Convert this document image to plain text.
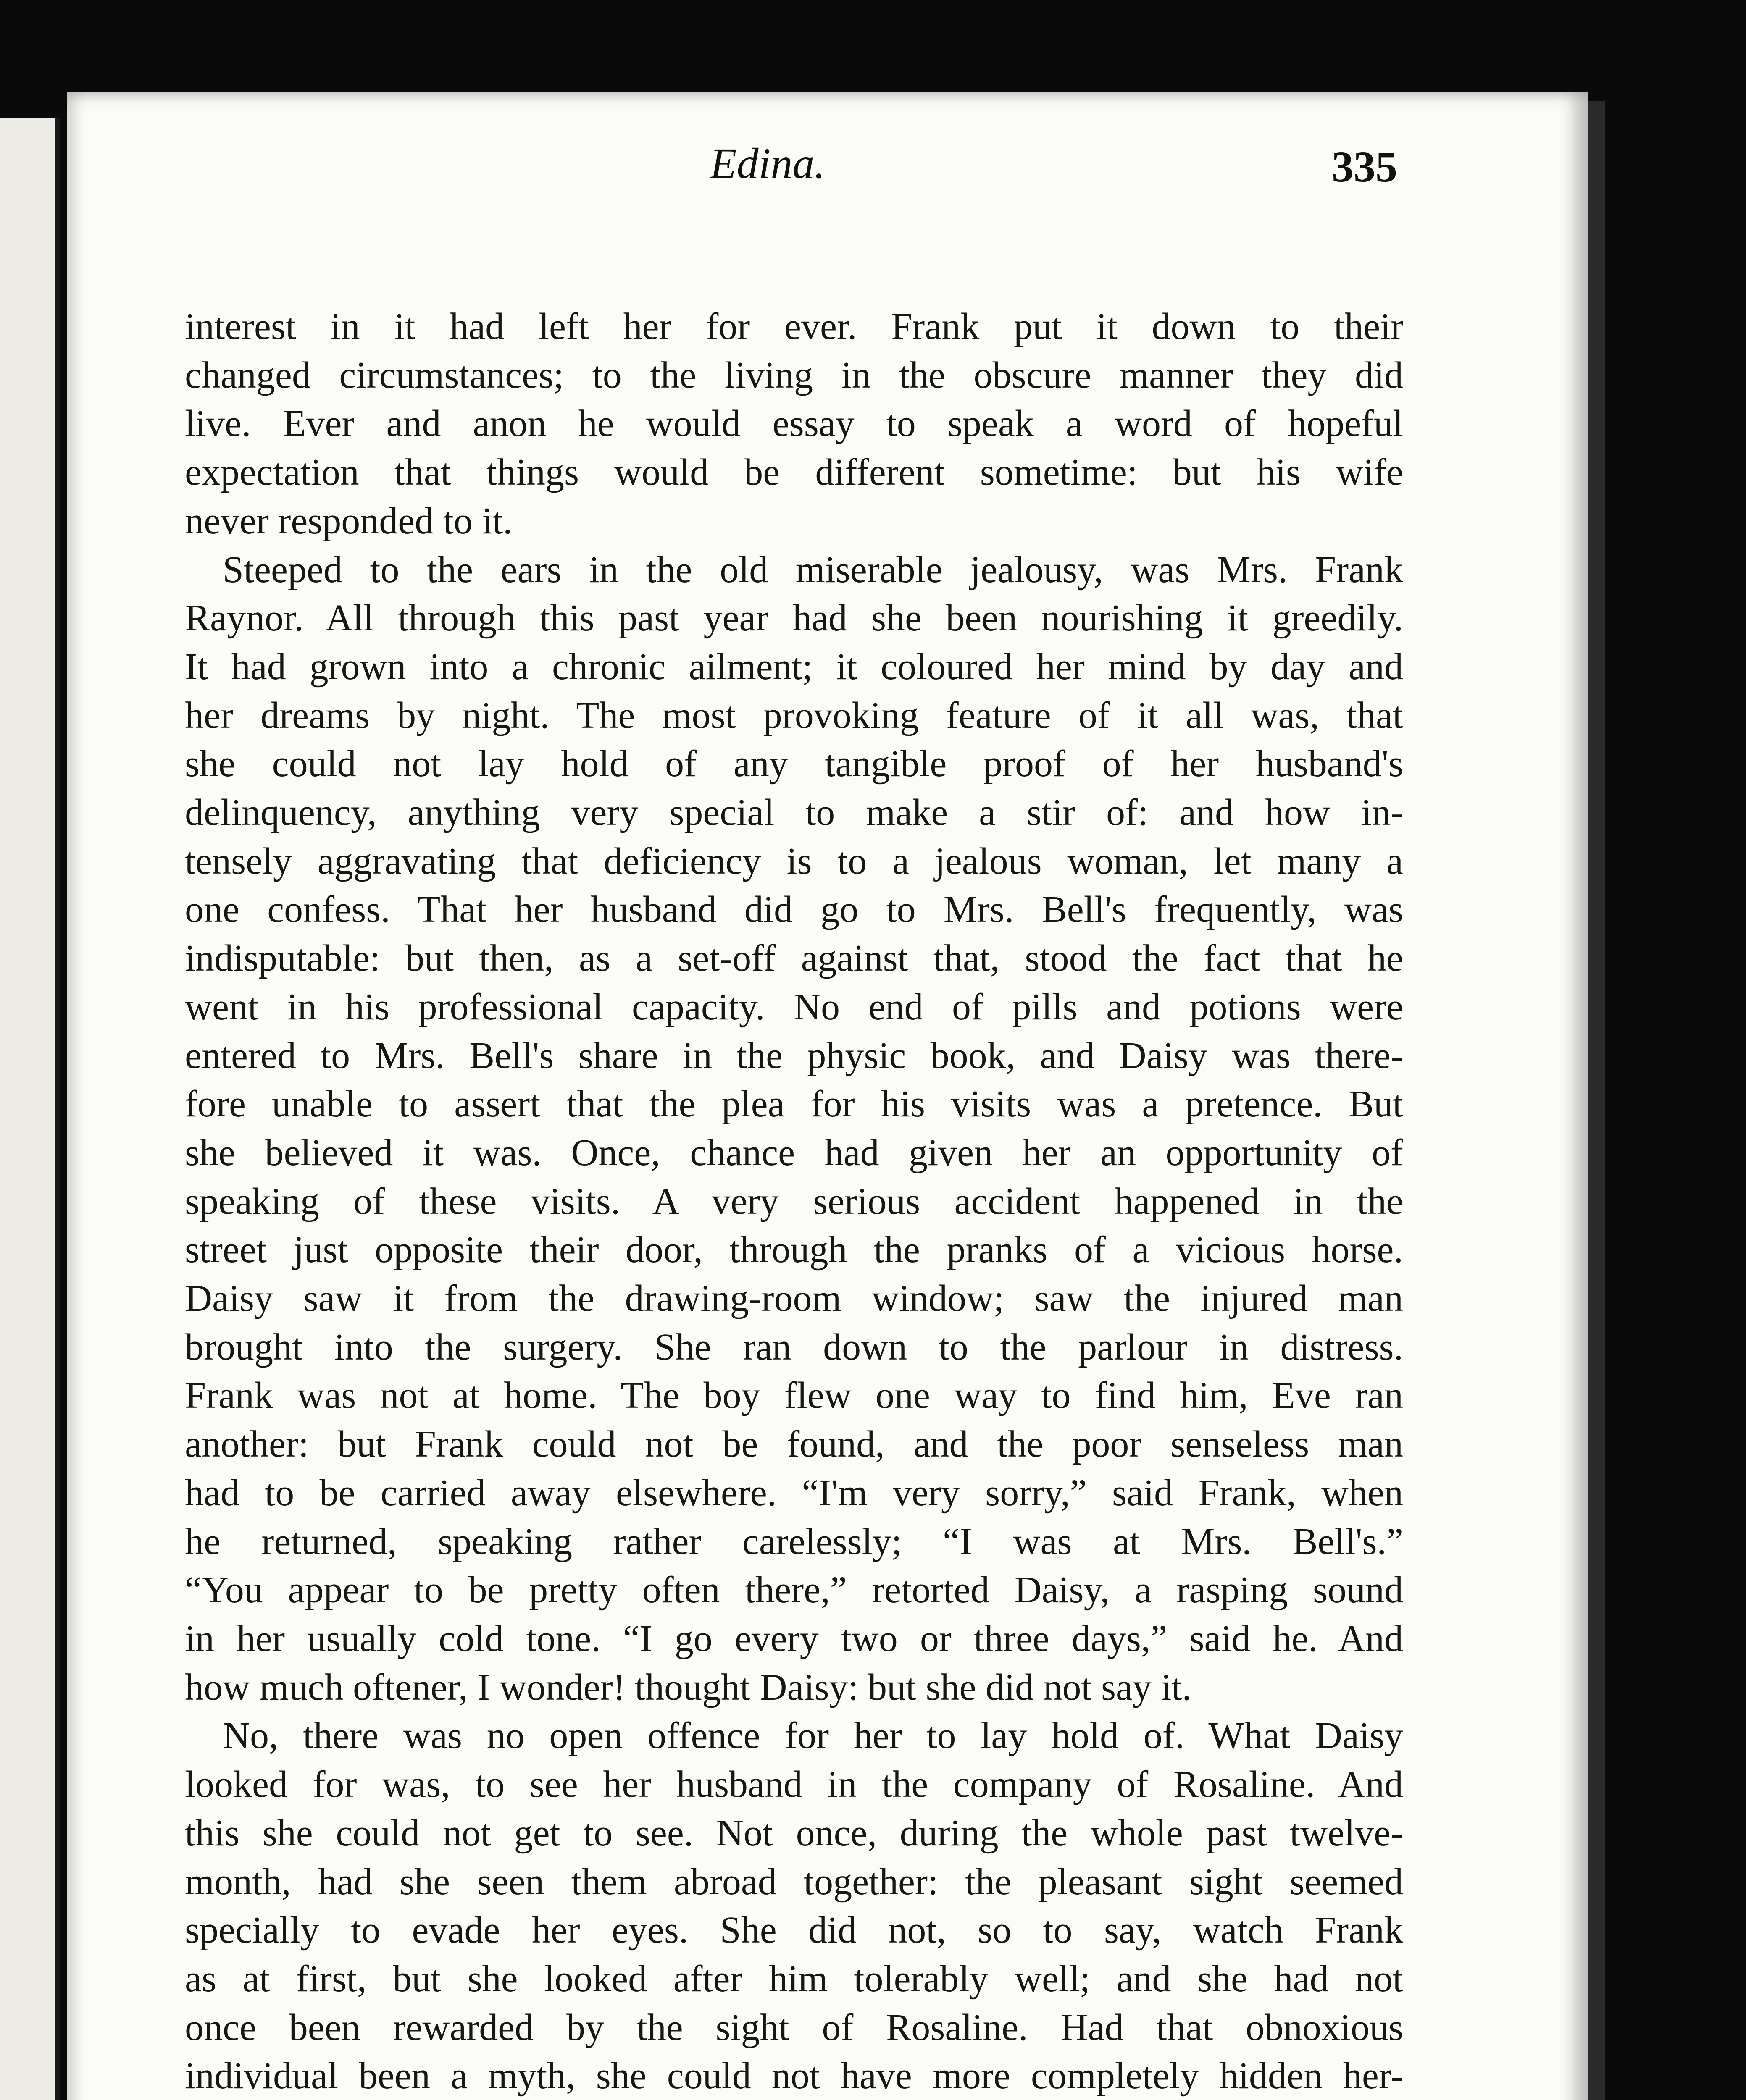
Edina.	335
interest in it had left her for ever. Frank put it down to their
changed circumstances; to the living in the obscure manner they did
live. Ever and anon he would essay to speak a word of hopeful
expectation that things would be different sometime: but his wife
never responded to it.
Steeped to the ears in the old miserable jealousy, was Mrs. Frank
Raynor. All through this past year had she been nourishing it greedily.
It had grown into a chronic ailment; it coloured her mind by day and
her dreams by night. The most provoking feature of it all was, that
she could not lay hold of any tangible proof of her husband's
delinquency, anything very special to make a stir of: and how in-
tensely aggravating that deficiency is to a jealous woman, let many a
one confess. That her husband did go to Mrs. Bell's frequently, was
indisputable: but then, as a set-off against that, stood the fact that he
went in his professional capacity. No end of pills and potions were
entered to Mrs. Bell's share in the physic book, and Daisy was there-
fore unable to assert that the plea for his visits was a pretence. But
she believed it was. Once, chance had given her an opportunity of
speaking of these visits. A very serious accident happened in the
street just opposite their door, through the pranks of a vicious horse.
Daisy saw it from the drawing-room window; saw the injured man
brought into the surgery. She ran down to the parlour in distress.
Frank was not at home. The boy flew one way to find him, Eve ran
another: but Frank could not be found, and the poor senseless man
had to be carried away elsewhere. “I'm very sorry,” said Frank, when
he returned, speaking rather carelessly; “I was at Mrs. Bell's.”
“You appear to be pretty often there,” retorted Daisy, a rasping sound
in her usually cold tone. “I go every two or three days,” said he. And
how much oftener, I wonder! thought Daisy: but she did not say it.
No, there was no open offence for her to lay hold of. What Daisy
looked for was, to see her husband in the company of Rosaline. And
this she could not get to see. Not once, during the whole past twelve-
month, had she seen them abroad together: the pleasant sight seemed
specially to evade her eyes. She did not, so to say, watch Frank
as at first, but she looked after him tolerably well; and she had not
once been rewarded by the sight of Rosaline. Had that obnoxious
individual been a myth, she could not have more completely hidden her-
